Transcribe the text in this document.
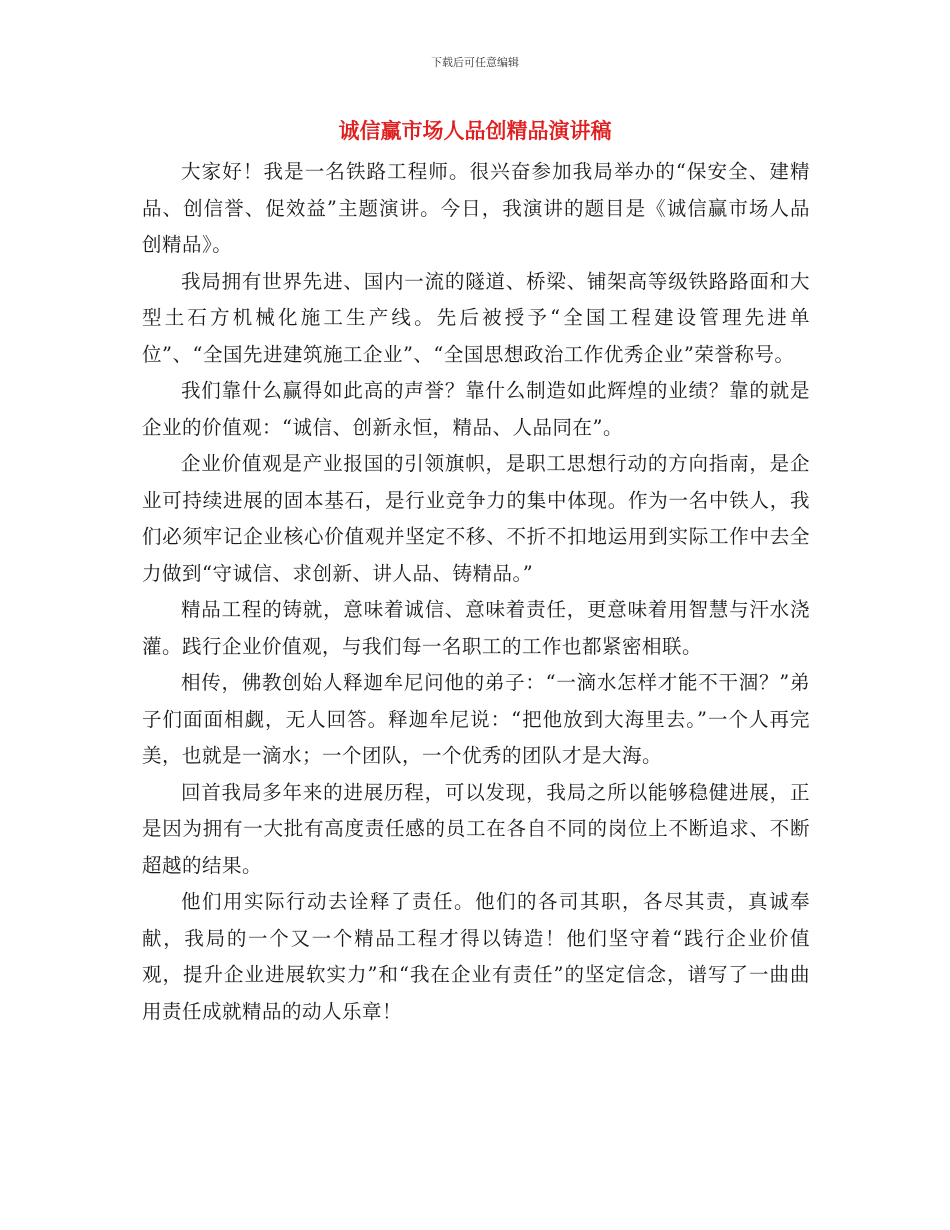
下载后可任意编辑
诚信赢市场人品创精品演讲稿

大家好！我是一名铁路工程师。很兴奋参加我局举办的“保安全、建精品、创信誉、促效益”主题演讲。今日，我演讲的题目是《诚信赢市场人品创精品》。

我局拥有世界先进、国内一流的隧道、桥梁、铺架高等级铁路路面和大型土石方机械化施工生产线。先后被授予“全国工程建设管理先进单位”、“全国先进建筑施工企业”、“全国思想政治工作优秀企业”荣誉称号。

我们靠什么赢得如此高的声誉？靠什么制造如此辉煌的业绩？靠的就是企业的价值观：“诚信、创新永恒，精品、人品同在”。

企业价值观是产业报国的引领旗帜，是职工思想行动的方向指南，是企业可持续进展的固本基石，是行业竞争力的集中体现。作为一名中铁人，我们必须牢记企业核心价值观并坚定不移、不折不扣地运用到实际工作中去全力做到“守诚信、求创新、讲人品、铸精品。”

精品工程的铸就，意味着诚信、意味着责任，更意味着用智慧与汗水浇灌。践行企业价值观，与我们每一名职工的工作也都紧密相联。

相传，佛教创始人释迦牟尼问他的弟子：“一滴水怎样才能不干涸？”弟子们面面相觑，无人回答。释迦牟尼说：“把他放到大海里去。”一个人再完美，也就是一滴水；一个团队，一个优秀的团队才是大海。

回首我局多年来的进展历程，可以发现，我局之所以能够稳健进展，正是因为拥有一大批有高度责任感的员工在各自不同的岗位上不断追求、不断超越的结果。

他们用实际行动去诠释了责任。他们的各司其职，各尽其责，真诚奉献，我局的一个又一个精品工程才得以铸造！他们坚守着“践行企业价值观，提升企业进展软实力”和“我在企业有责任”的坚定信念，谱写了一曲曲用责任成就精品的动人乐章！
